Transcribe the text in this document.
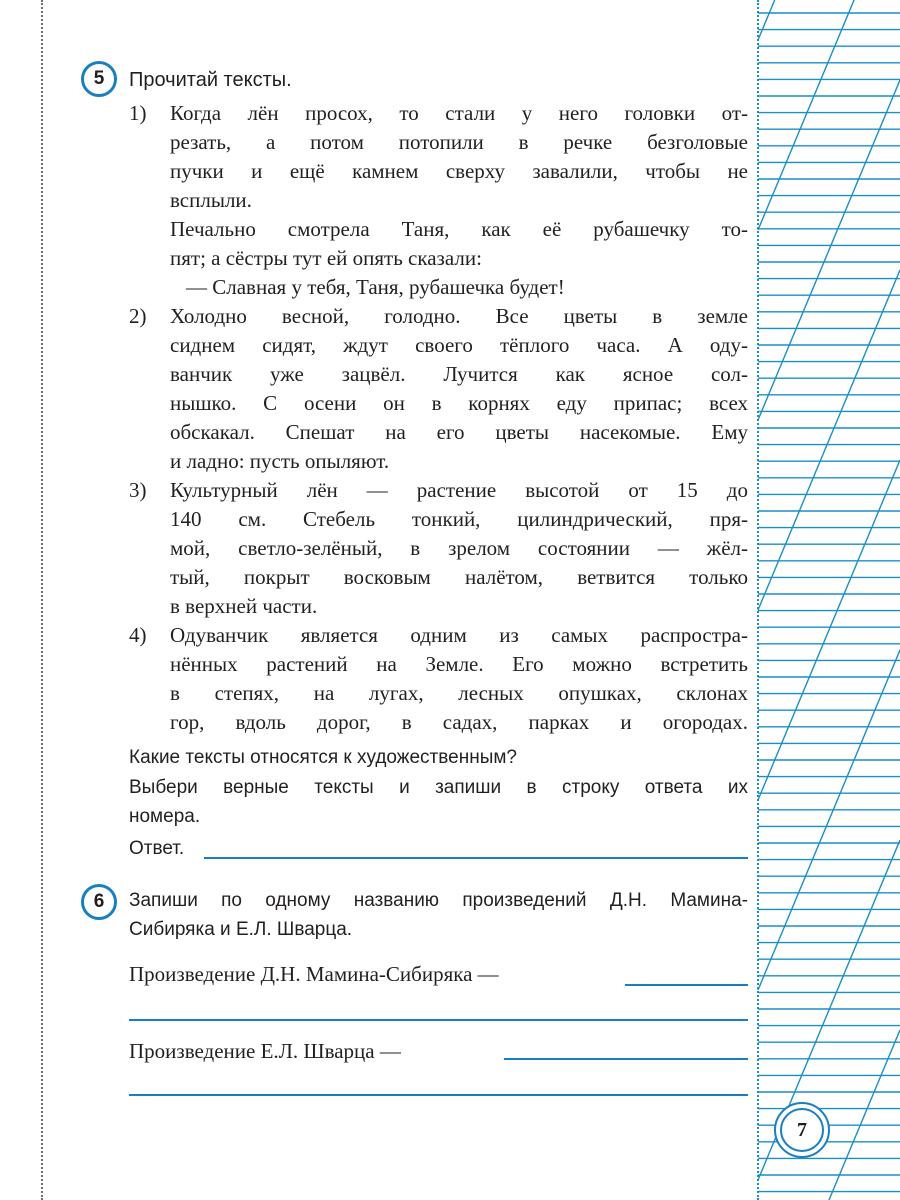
5	Прочитай тексты.
1) Когда лён просох, то стали у него головки от-
резать, а потом потопили в речке безголовые
пучки и ещё камнем сверху завалили, чтобы не
всплыли.
Печально смотрела Таня, как её рубашечку то-
пят; а сёстры тут ей опять сказали:
— Славная у тебя, Таня, рубашечка будет!
2) Холодно весной, голодно. Все цветы в земле
сиднем сидят, ждут своего тёплого часа. А оду-
ванчик уже зацвёл. Лучится как ясное сол-
нышко. С осени он в корнях еду припас; всех
обскакал. Спешат на его цветы насекомые. Ему
и ладно: пусть опыляют.
3) Культурный лён — растение высотой от 15 до
140 см. Стебель тонкий, цилиндрический, пря-
мой, светло-зелёный, в зрелом состоянии — жёл-
тый, покрыт восковым налётом, ветвится только
в верхней части.
4) Одуванчик является одним из самых распростра-
нённых растений на Земле. Его можно встретить
в степях, на лугах, лесных опушках, склонах
гор, вдоль дорог, в садах, парках и огородах.
Какие тексты относятся к художественным?
Выбери верные тексты и запиши в строку ответа их
номера.
Ответ.
6	Запиши по одному названию произведений Д.Н. Мамина-
Сибиряка и Е.Л. Шварца.
Произведение Д.Н. Мамина-Сибиряка —
Произведение Е.Л. Шварца —
7
